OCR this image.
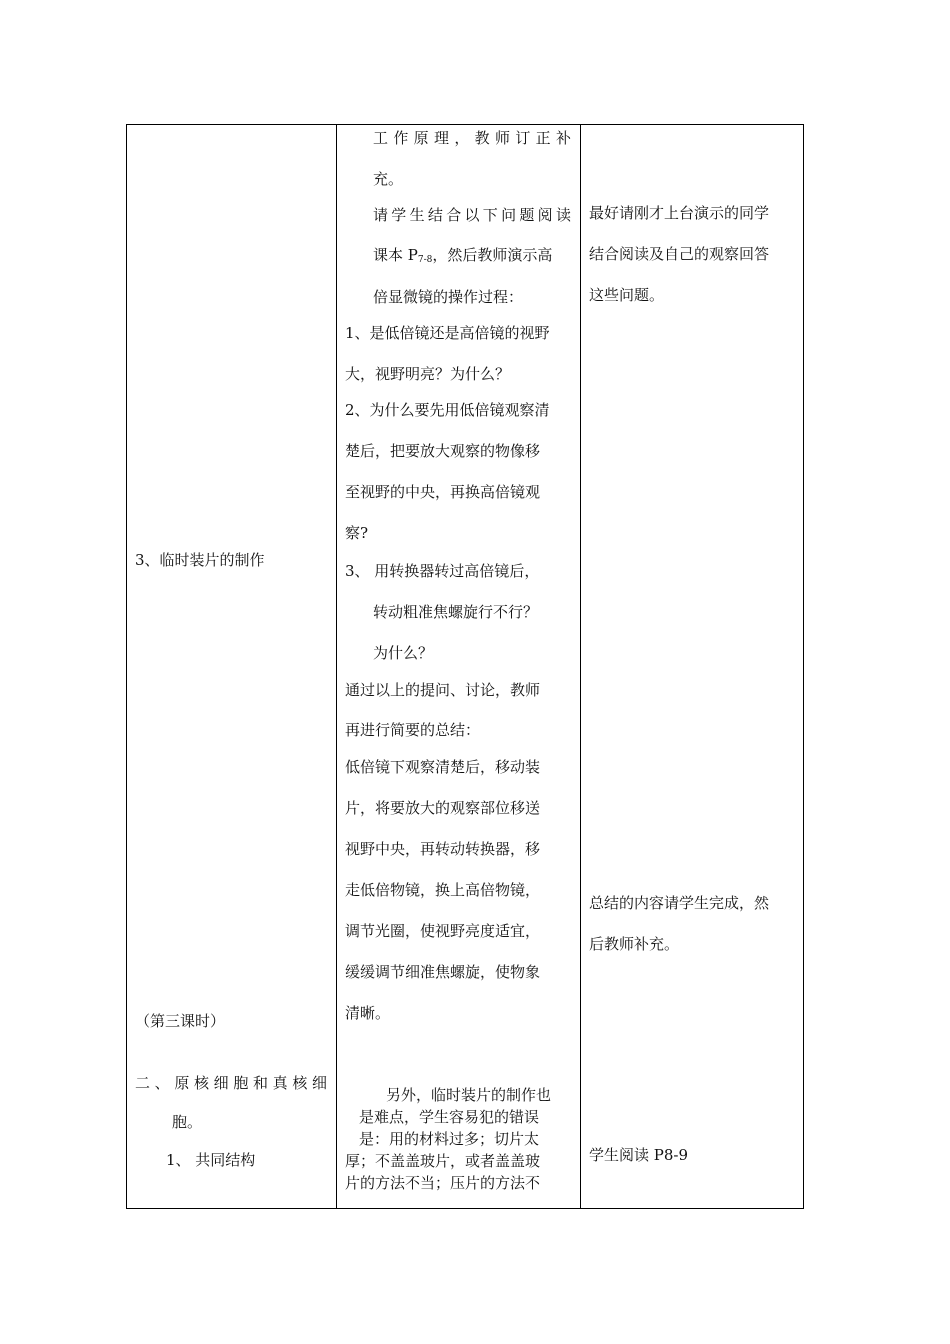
3、临时装片的制作
（第三课时）
二、原核细胞和真核细
胞。
1、 共同结构
工作原理，教师订正补
充。
请学生结合以下问题阅读
课本 $P_{7-8}$，然后教师演示高
倍显微镜的操作过程：
1、是低倍镜还是高倍镜的视野
大，视野明亮？为什么？
2、为什么要先用低倍镜观察清
楚后，把要放大观察的物像移
至视野的中央，再换高倍镜观
察?
3、 用转换器转过高倍镜后，
转动粗准焦螺旋行不行？
为什么？
通过以上的提问、讨论，教师
再进行简要的总结：
低倍镜下观察清楚后，移动装
片，将要放大的观察部位移送
视野中央，再转动转换器，移
走低倍物镜，换上高倍物镜，
调节光圈，使视野亮度适宜，
缓缓调节细准焦螺旋，使物象
清晰。
另外，临时装片的制作也
是难点，学生容易犯的错误
是：用的材料过多；切片太
厚；不盖盖玻片，或者盖盖玻
片的方法不当；压片的方法不
最好请刚才上台演示的同学
结合阅读及自己的观察回答
这些问题。
总结的内容请学生完成，然
后教师补充。
学生阅读 P8-9
